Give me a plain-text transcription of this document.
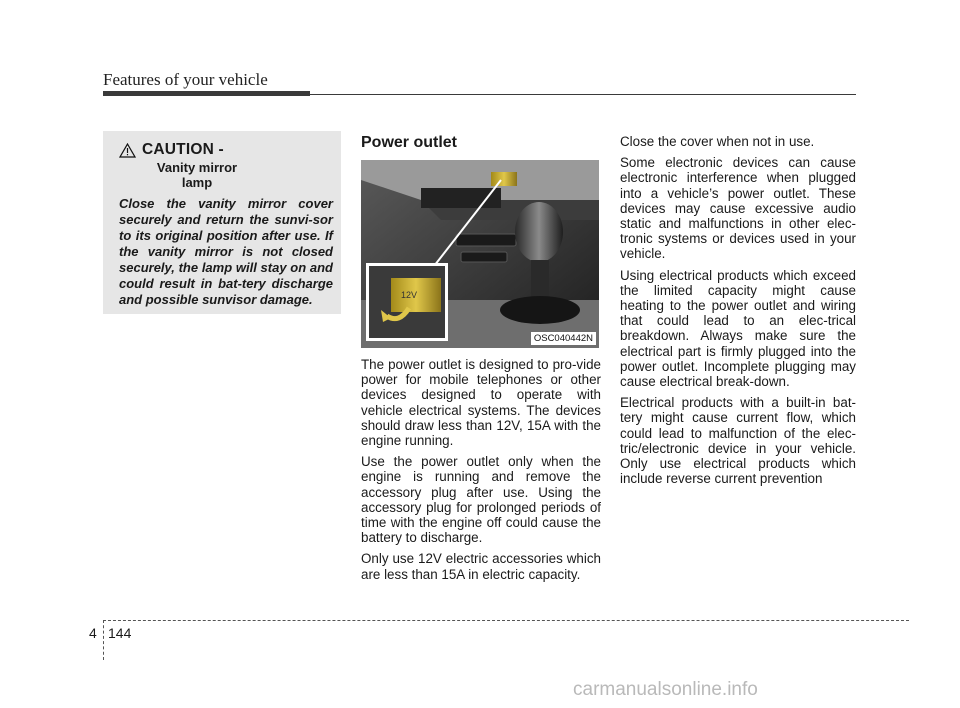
Features of your vehicle
CAUTION - Vanity mirror lamp

Close the vanity mirror cover securely and return the sunvi-sor to its original position after use. If the vanity mirror is not closed securely, the lamp will stay on and could result in bat-tery discharge and possible sunvisor damage.

Power outlet
12V
OSC040442N

The power outlet is designed to pro-vide power for mobile telephones or other devices designed to operate with vehicle electrical systems. The devices should draw less than 12V, 15A with the engine running.

Use the power outlet only when the engine is running and remove the accessory plug after use. Using the accessory plug for prolonged periods of time with the engine off could cause the battery to discharge.

Only use 12V electric accessories which are less than 15A in electric capacity.

Close the cover when not in use.

Some electronic devices can cause electronic interference when plugged into a vehicle’s power outlet. These devices may cause excessive audio static and malfunctions in other elec-tronic systems or devices used in your vehicle.

Using electrical products which exceed the limited capacity might cause heating to the power outlet and wiring that could lead to an elec-trical breakdown. Always make sure the electrical part is firmly plugged into the power outlet. Incomplete plugging may cause electrical break-down.

Electrical products with a built-in bat-tery might cause current flow, which could lead to malfunction of the elec-tric/electronic device in your vehicle. Only use electrical products which include reverse current prevention

4 144
carmanualsonline.info
